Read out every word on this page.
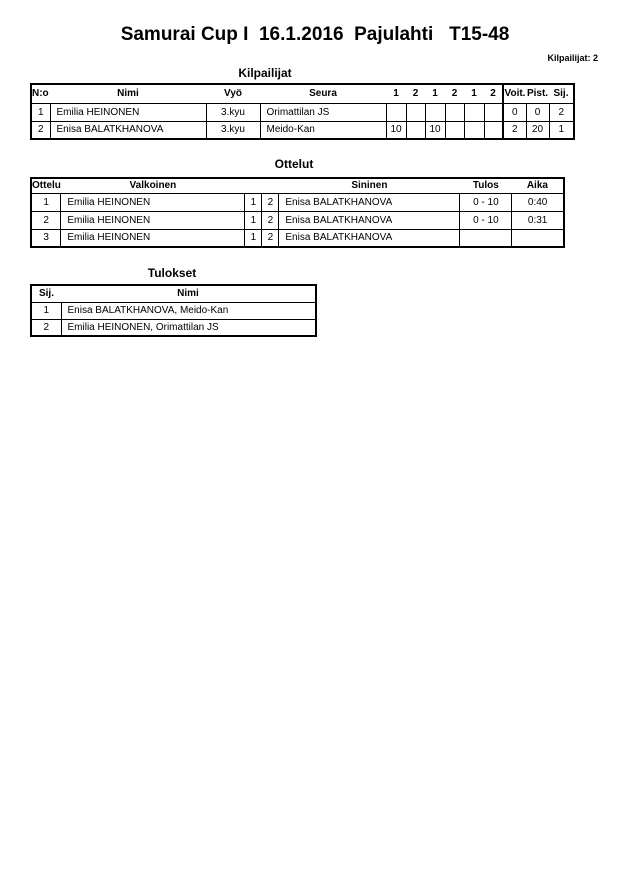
Samurai Cup I  16.1.2016  Pajulahti   T15-48
Kilpailijat: 2
Kilpailijat
N:o	Nimi	Vyö	Seura	1	2	1	2	1	2	Voit.	Pist.	Sij.
1	Emilia HEINONEN	3.kyu	Orimattilan JS							0	0	2
2	Enisa BALATKHANOVA	3.kyu	Meido-Kan	10		10				2	20	1
Ottelut
Ottelu	Valkoinen			Sininen	Tulos	Aika
1	Emilia HEINONEN	1	2	Enisa BALATKHANOVA	0 - 10	0:40
2	Emilia HEINONEN	1	2	Enisa BALATKHANOVA	0 - 10	0:31
3	Emilia HEINONEN	1	2	Enisa BALATKHANOVA		
Tulokset
Sij.	Nimi
1	Enisa BALATKHANOVA, Meido-Kan
2	Emilia HEINONEN, Orimattilan JS
